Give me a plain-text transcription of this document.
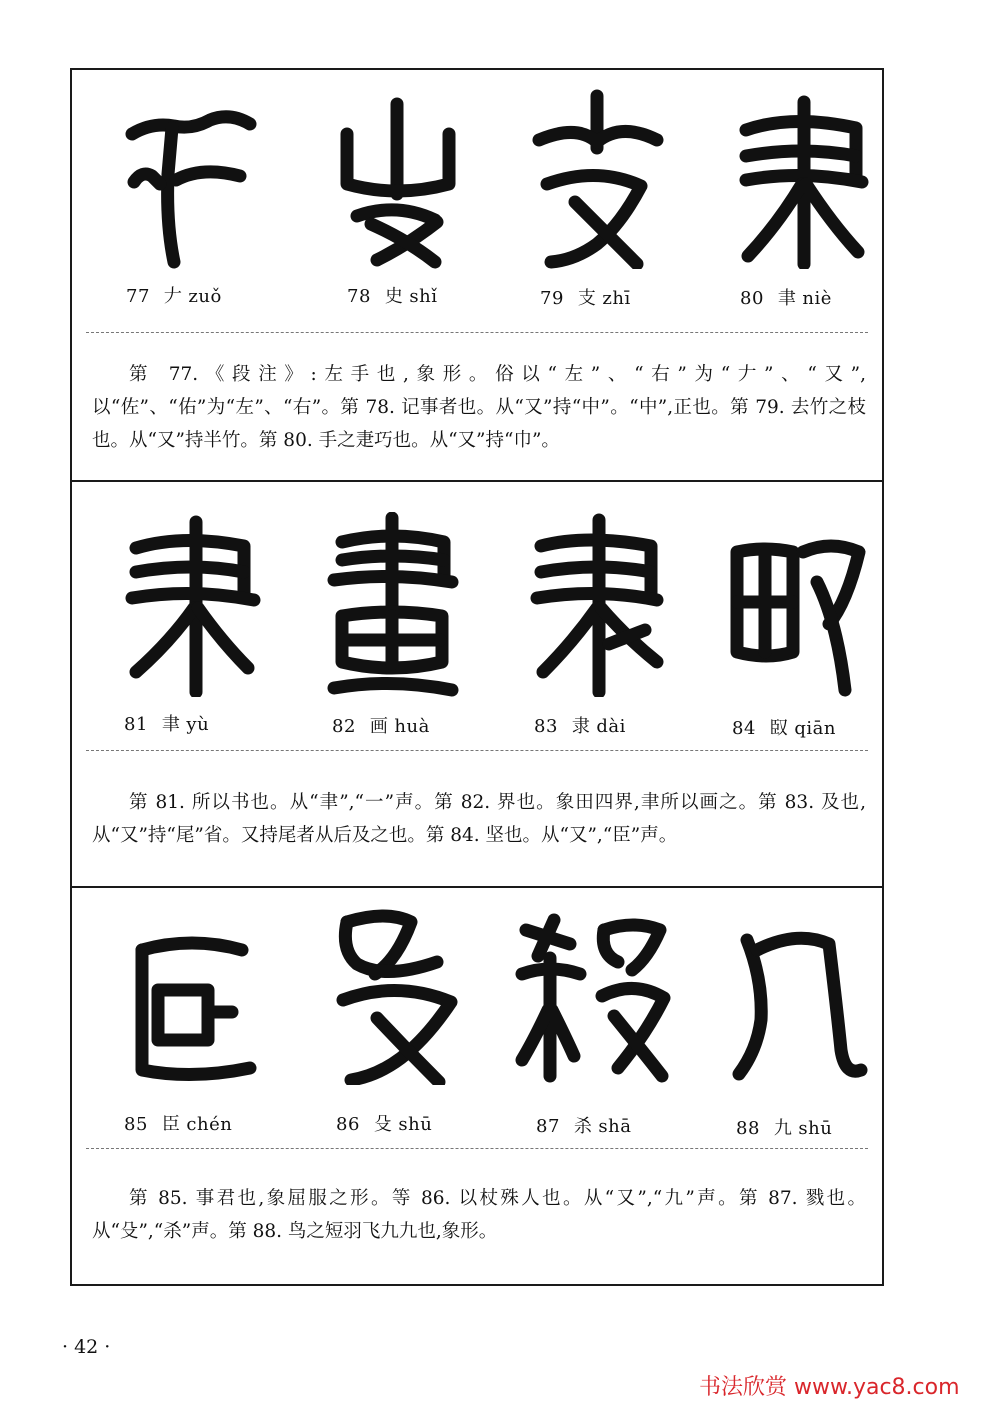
77 𠂇 zuǒ	78 史 shǐ	79 支 zhī	80 聿 niè
第 77.《段注》:左手也,象形。俗以“左”、“右”为“𠂇”、“又”,以“佐”、“佑”为“左”、“右”。第 78. 记事者也。从“又”持“中”。“中”,正也。第 79. 去竹之枝也。从“又”持半竹。第 80. 手之疌巧也。从“又”持“巾”。
81 聿 yù	82 画 huà	83 隶 dài	84 臤 qiān
第 81. 所以书也。从“聿”,“一”声。第 82. 界也。象田四界,聿所以画之。第 83. 及也,从“又”持“尾”省。又持尾者从后及之也。第 84. 坚也。从“又”,“臣”声。
85 臣 chén	86 殳 shū	87 杀 shā	88 九 shū
第 85. 事君也,象屈服之形。等 86. 以杖殊人也。从“又”,“九”声。第 87. 戮也。从“殳”,“杀”声。第 88. 鸟之短羽飞九九也,象形。
· 42 ·
书法欣赏 www.yac8.com
